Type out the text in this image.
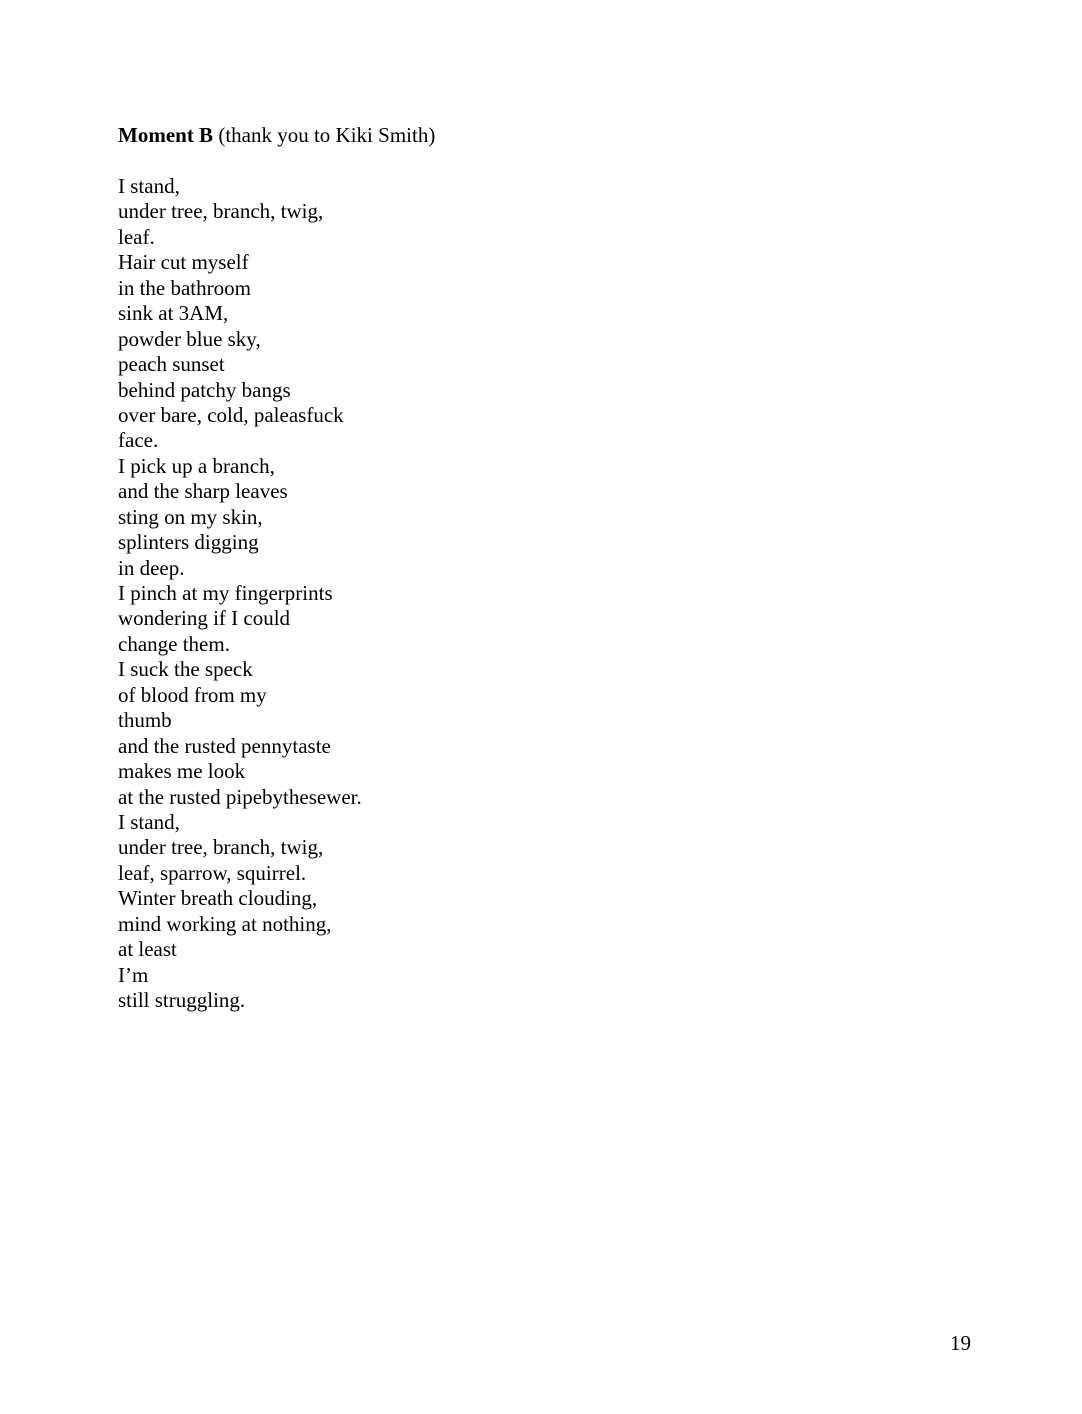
Moment B (thank you to Kiki Smith)
I stand,
under tree, branch, twig,
leaf.
Hair cut myself
in the bathroom
sink at 3AM,
powder blue sky,
peach sunset
behind patchy bangs
over bare, cold, paleasfuck
face.
I pick up a branch,
and the sharp leaves
sting on my skin,
splinters digging
in deep.
I pinch at my fingerprints
wondering if I could
change them.
I suck the speck
of blood from my
thumb
and the rusted pennytaste
makes me look
at the rusted pipebythesewer.
I stand,
under tree, branch, twig,
leaf, sparrow, squirrel.
Winter breath clouding,
mind working at nothing,
at least
I’m
still struggling.
19
